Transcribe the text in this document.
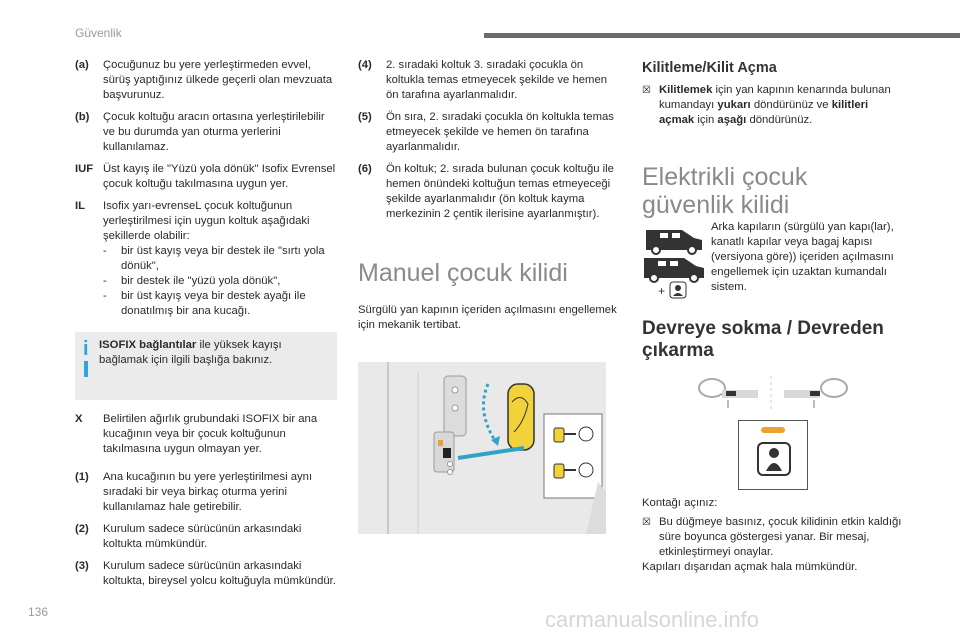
Güvenlik
(a)	Çocuğunuz bu yere yerleştirmeden evvel, sürüş yaptığınız ülkede geçerli olan mevzuata başvurunuz.
(b)	Çocuk koltuğu aracın ortasına yerleştirilebilir ve bu durumda yan oturma yerlerini kullanılamaz.
IUF Üst kayış ile "Yüzü yola dönük" Isofix Evrensel çocuk koltuğu takılmasına uygun yer.
IL	Isofix yarı-evrenseL çocuk koltuğunun yerleştirilmesi için uygun koltuk aşağıdaki şekillerde olabilir:
-	bir üst kayış veya bir destek ile "sırtı yola dönük",
-	bir destek ile "yüzü yola dönük",
-	bir üst kayış veya bir destek ayağı ile donatılmış bir ana kucağı.
i ISOFIX bağlantılar ile yüksek kayışı bağlamak için ilgili başlığa bakınız.
X	Belirtilen ağırlık grubundaki ISOFIX bir ana kucağının veya bir çocuk koltuğunun takılmasına uygun olmayan yer.
(1)	Ana kucağının bu yere yerleştirilmesi aynı sıradaki bir veya birkaç oturma yerini kullanılamaz hale getirebilir.
(2)	Kurulum sadece sürücünün arkasındaki koltukta mümkündür.
(3)	Kurulum sadece sürücünün arkasındaki koltukta, bireysel yolcu koltuğuyla mümkündür.
(4)	2. sıradaki koltuk 3. sıradaki çocukla ön koltukla temas etmeyecek şekilde ve hemen ön tarafına ayarlanmalıdır.
(5)	Ön sıra, 2. sıradaki çocukla ön koltukla temas etmeyecek şekilde ve hemen ön tarafına ayarlanmalıdır.
(6)	Ön koltuk; 2. sırada bulunan çocuk koltuğu ile hemen önündeki koltuğun temas etmeyeceği şekilde ayarlanmalıdır (ön koltuk kayma merkezinin 2 çentik ilerisine ayarlanmıştır).
Manuel çocuk kilidi
Sürgülü yan kapının içeriden açılmasını engellemek için mekanik tertibat.
Kilitleme/Kilit Açma
☒ Kilitlemek için yan kapının kenarında bulunan kumandayı yukarı döndürünüz ve kilitleri açmak için aşağı döndürünüz.
Elektrikli çocuk güvenlik kilidi
+
Arka kapıların (sürgülü yan kapı(lar), kanatlı kapılar veya bagaj kapısı (versiyona göre)) içeriden açılmasını engellemek için uzaktan kumandalı sistem.
Devreye sokma / Devreden çıkarma
Kontağı açınız:
☒ Bu düğmeye basınız, çocuk kilidinin etkin kaldığı süre boyunca göstergesi yanar. Bir mesaj, etkinleştirmeyi onaylar.
Kapıları dışarıdan açmak hala mümkündür.
136	carmanualsonline.info
